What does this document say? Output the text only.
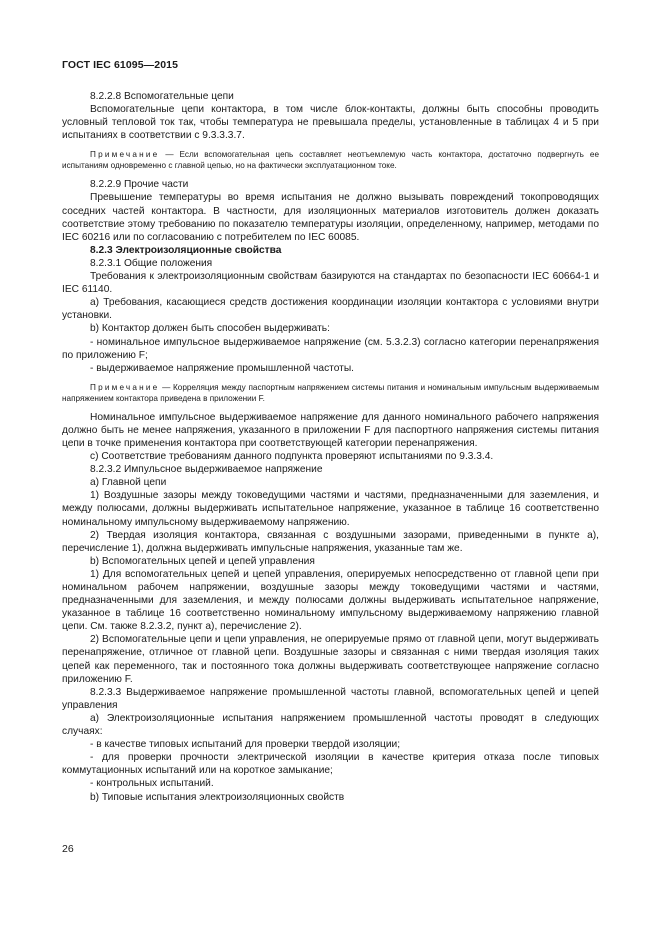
ГОСТ IEC 61095—2015

8.2.2.8 Вспомогательные цепи

Вспомогательные цепи контактора, в том числе блок-контакты, должны быть способны проводить условный тепловой ток так, чтобы температура не превышала пределы, установленные в таблицах 4 и 5 при испытаниях в соответствии с 9.3.3.3.7.

Примечание — Если вспомогательная цепь составляет неотъемлемую часть контактора, достаточно подвергнуть ее испытаниям одновременно с главной цепью, но на фактически эксплуатационном токе.

8.2.2.9 Прочие части

Превышение температуры во время испытания не должно вызывать повреждений токопроводящих соседних частей контактора. В частности, для изоляционных материалов изготовитель должен доказать соответствие этому требованию по показателю температуры изоляции, определенному, например, методами по IEC 60216 или по согласованию с потребителем по IEC 60085.

8.2.3 Электроизоляционные свойства

8.2.3.1 Общие положения

Требования к электроизоляционным свойствам базируются на стандартах по безопасности IEC 60664-1 и IEC 61140.

a) Требования, касающиеся средств достижения координации изоляции контактора с условиями внутри установки.

b) Контактор должен быть способен выдерживать:

- номинальное импульсное выдерживаемое напряжение (см. 5.3.2.3) согласно категории перенапряжения по приложению F;

- выдерживаемое напряжение промышленной частоты.

Примечание — Корреляция между паспортным напряжением системы питания и номинальным импульсным выдерживаемым напряжением контактора приведена в приложении F.

Номинальное импульсное выдерживаемое напряжение для данного номинального рабочего напряжения должно быть не менее напряжения, указанного в приложении F для паспортного напряжения системы питания цепи в точке применения контактора при соответствующей категории перенапряжения.

c) Соответствие требованиям данного подпункта проверяют испытаниями по 9.3.3.4.

8.2.3.2 Импульсное выдерживаемое напряжение

a) Главной цепи

1) Воздушные зазоры между токоведущими частями и частями, предназначенными для заземления, и между полюсами, должны выдерживать испытательное напряжение, указанное в таблице 16 соответственно номинальному импульсному выдерживаемому напряжению.

2) Твердая изоляция контактора, связанная с воздушными зазорами, приведенными в пункте а), перечисление 1), должна выдерживать импульсные напряжения, указанные там же.

b) Вспомогательных цепей и цепей управления

1) Для вспомогательных цепей и цепей управления, оперируемых непосредственно от главной цепи при номинальном рабочем напряжении, воздушные зазоры между токоведущими частями и частями, предназначенными для заземления, и между полюсами должны выдерживать испытательное напряжение, указанное в таблице 16 соответственно номинальному импульсному выдерживаемому напряжению главной цепи. См. также 8.2.3.2, пункт а), перечисление 2).

2) Вспомогательные цепи и цепи управления, не оперируемые прямо от главной цепи, могут выдерживать перенапряжение, отличное от главной цепи. Воздушные зазоры и связанная с ними твердая изоляция таких цепей как переменного, так и постоянного тока должны выдерживать соответствующее напряжение согласно приложению F.

8.2.3.3 Выдерживаемое напряжение промышленной частоты главной, вспомогательных цепей и цепей управления

a) Электроизоляционные испытания напряжением промышленной частоты проводят в следующих случаях:

- в качестве типовых испытаний для проверки твердой изоляции;

- для проверки прочности электрической изоляции в качестве критерия отказа после типовых коммутационных испытаний или на короткое замыкание;

- контрольных испытаний.

b) Типовые испытания электроизоляционных свойств

26
